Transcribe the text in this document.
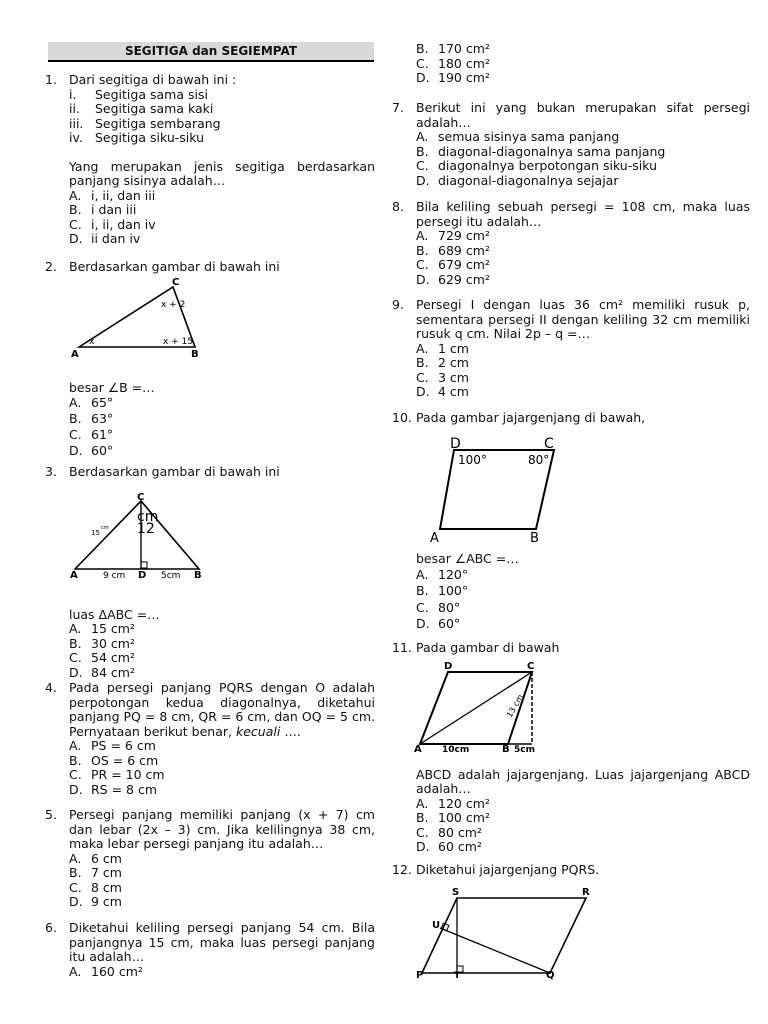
SEGITIGA dan SEGIEMPAT
1. Dari segitiga di bawah ini :
i. Segitiga sama sisi
ii. Segitiga sama kaki
iii. Segitiga sembarang
iv. Segitiga siku-siku
Yang merupakan jenis segitiga berdasarkan panjang sisinya adalah…
A. i, ii, dan iii
B. i dan iii
C. i, ii, dan iv
D. ii dan iv
2. Berdasarkan gambar di bawah ini
C
A	B
x + 2
x	x + 15
besar ∠B =…
A. 65°
B. 63°
C. 61°
D. 60°
3. Berdasarkan gambar di bawah ini
C
A	D	B
15
cm
cm
12
9 cm	5cm
luas ΔABC =…
A. 15 cm²
B. 30 cm²
C. 54 cm²
D. 84 cm²
4. Pada persegi panjang PQRS dengan O adalah perpotongan kedua diagonalnya, diketahui panjang PQ = 8 cm, QR = 6 cm, dan OQ = 5 cm. Pernyataan berikut benar, kecuali ….
A. PS = 6 cm
B. OS = 6 cm
C. PR = 10 cm
D. RS = 8 cm
5. Persegi panjang memiliki panjang (x + 7) cm dan lebar (2x – 3) cm. Jika kelilingnya 38 cm, maka lebar persegi panjang itu adalah…
A. 6 cm
B. 7 cm
C. 8 cm
D. 9 cm
6. Diketahui keliling persegi panjang 54 cm. Bila panjangnya 15 cm, maka luas persegi panjang itu adalah…
A. 160 cm²
B. 170 cm²
C. 180 cm²
D. 190 cm²
7. Berikut ini yang bukan merupakan sifat persegi adalah…
A. semua sisinya sama panjang
B. diagonal-diagonalnya sama panjang
C. diagonalnya berpotongan siku-siku
D. diagonal-diagonalnya sejajar
8. Bila keliling sebuah persegi = 108 cm, maka luas persegi itu adalah…
A. 729 cm²
B. 689 cm²
C. 679 cm²
D. 629 cm²
9. Persegi I dengan luas 36 cm² memiliki rusuk p, sementara persegi II dengan keliling 32 cm memiliki rusuk q cm. Nilai 2p – q =…
A. 1 cm
B. 2 cm
C. 3 cm
D. 4 cm
10. Pada gambar jajargenjang di bawah,
D	C
A	B
100°	80°
besar ∠ABC =…
A. 120°
B. 100°
C. 80°
D. 60°
11. Pada gambar di bawah
D	C
A	B
10cm	5cm
13 cm
ABCD adalah jajargenjang. Luas jajargenjang ABCD adalah…
A. 120 cm²
B. 100 cm²
C. 80 cm²
D. 60 cm²
12. Diketahui jajargenjang PQRS.
S	R
U
P	T	Q
